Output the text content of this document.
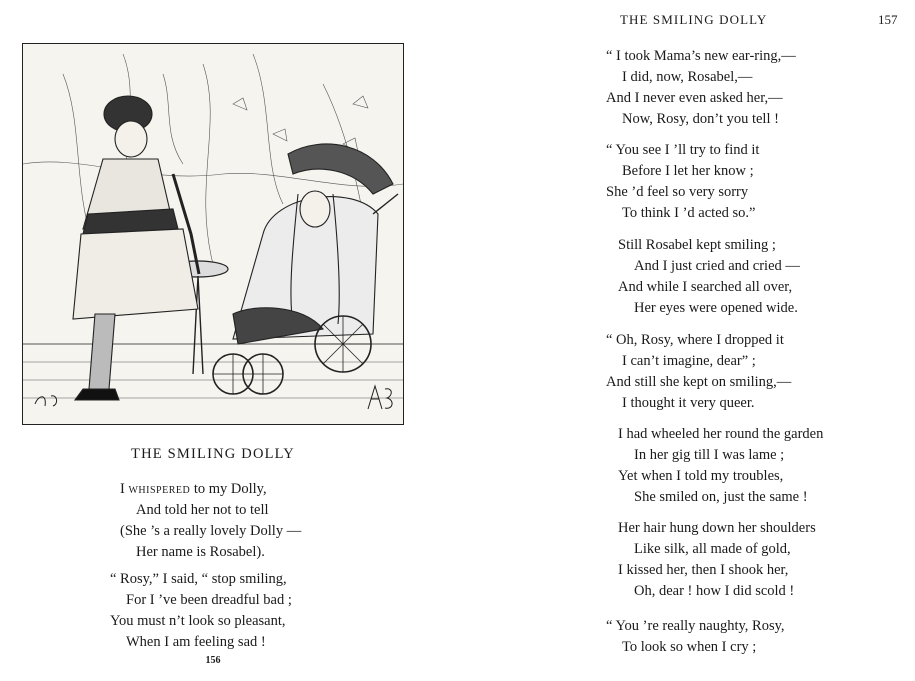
THE SMILING DOLLY
I whispered to my Dolly,
And told her not to tell
(She ’s a really lovely Dolly —
Her name is Rosabel).
“ Rosy,” I said, “ stop smiling,
For I ’ve been dreadful bad ;
You must n’t look so pleasant,
When I am feeling sad !
156
THE SMILING DOLLY	157
“ I took Mama’s new ear-ring,—
I did, now, Rosabel,—
And I never even asked her,—
Now, Rosy, don’t you tell !
“ You see I ’ll try to find it
Before I let her know ;
She ’d feel so very sorry
To think I ’d acted so.”
Still Rosabel kept smiling ;
And I just cried and cried —
And while I searched all over,
Her eyes were opened wide.
“ Oh, Rosy, where I dropped it
I can’t imagine, dear” ;
And still she kept on smiling,—
I thought it very queer.
I had wheeled her round the garden
In her gig till I was lame ;
Yet when I told my troubles,
She smiled on, just the same !
Her hair hung down her shoulders
Like silk, all made of gold,
I kissed her, then I shook her,
Oh, dear ! how I did scold !
“ You ’re really naughty, Rosy,
To look so when I cry ;
